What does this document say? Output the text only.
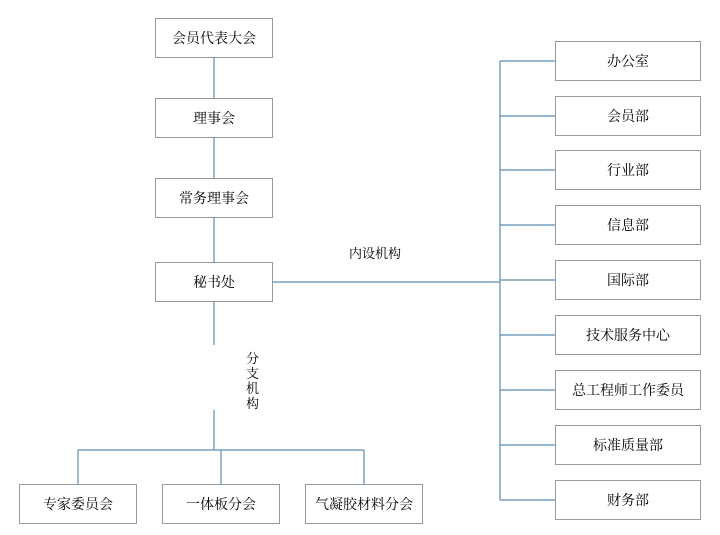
会员代表大会
理事会
常务理事会
秘书处
内设机构
分支机构
专家委员会	一体板分会	气凝胶材料分会
办公室
会员部
行业部
信息部
国际部
技术服务中心
总工程师工作委员
标准质量部
财务部
